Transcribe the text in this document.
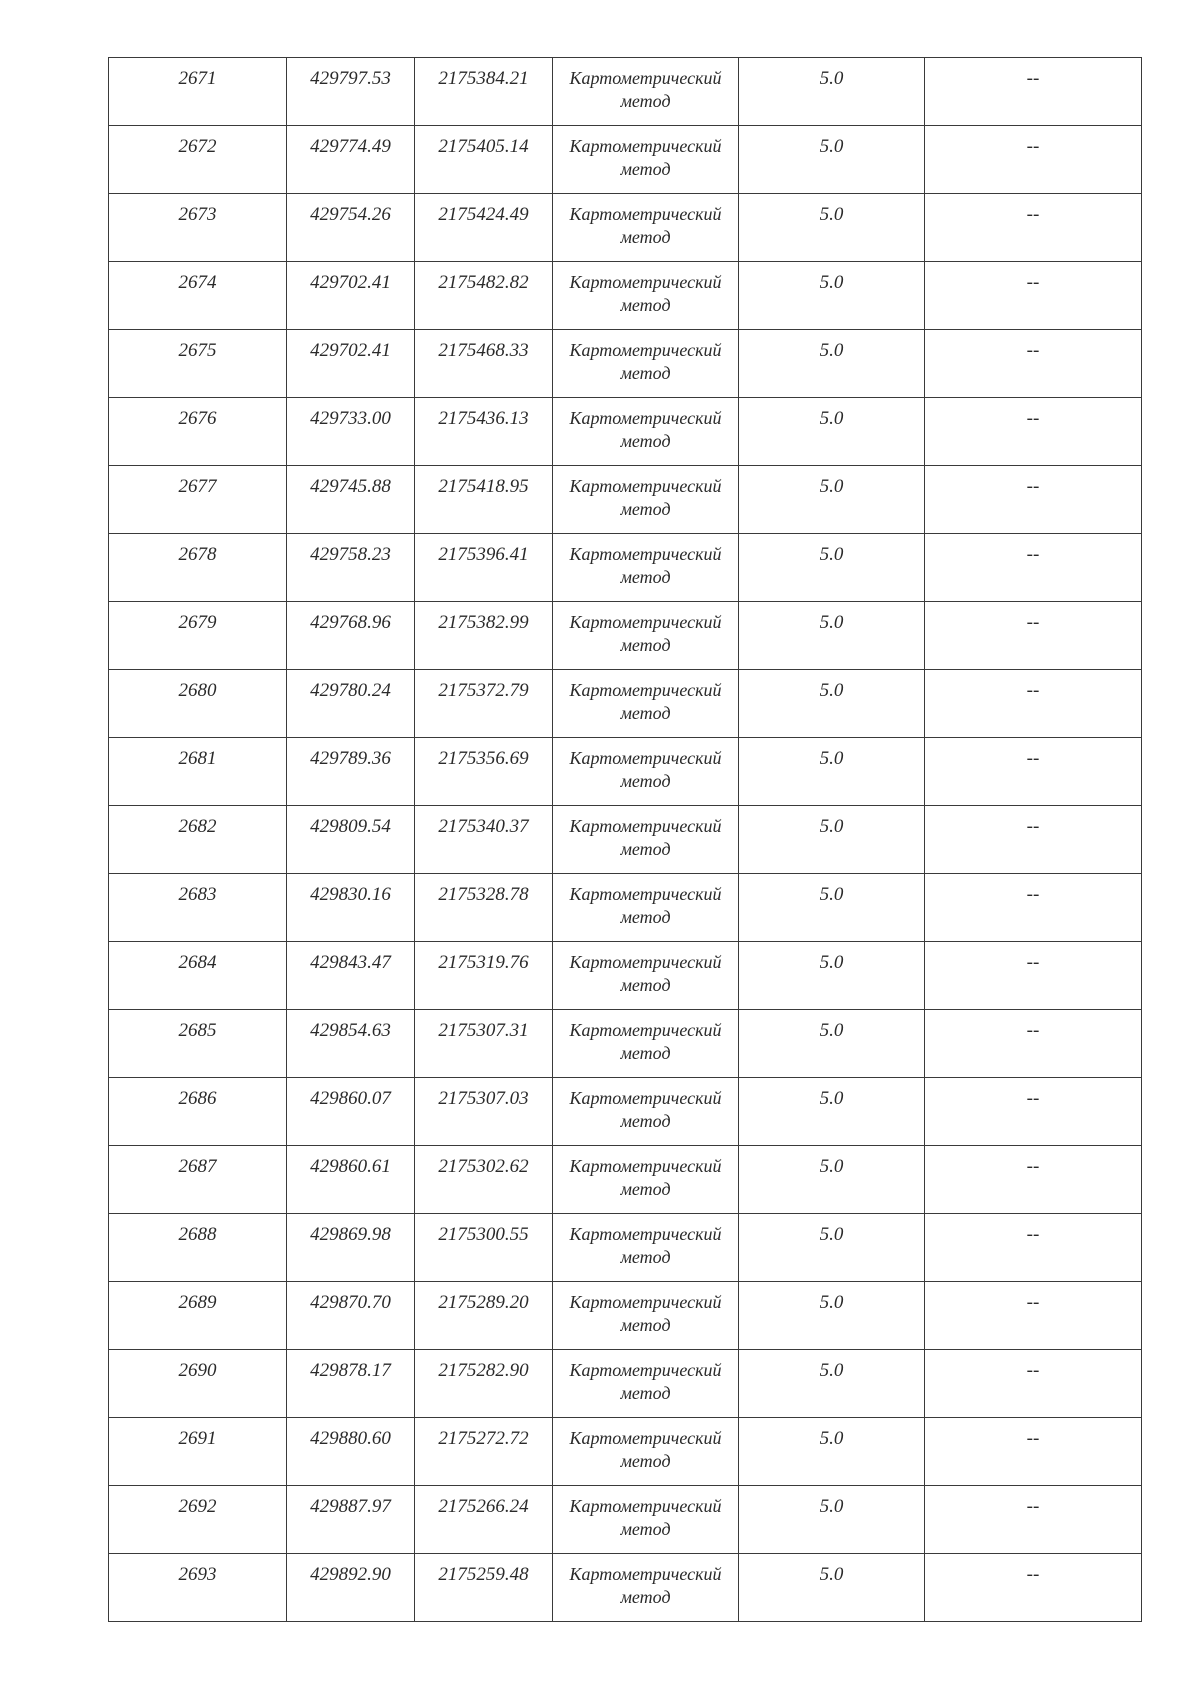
2671	429797.53	2175384.21	Картометрический метод	5.0	--

2672	429774.49	2175405.14	Картометрический метод	5.0	--

2673	429754.26	2175424.49	Картометрический метод	5.0	--

2674	429702.41	2175482.82	Картометрический метод	5.0	--

2675	429702.41	2175468.33	Картометрический метод	5.0	--

2676	429733.00	2175436.13	Картометрический метод	5.0	--

2677	429745.88	2175418.95	Картометрический метод	5.0	--

2678	429758.23	2175396.41	Картометрический метод	5.0	--

2679	429768.96	2175382.99	Картометрический метод	5.0	--

2680	429780.24	2175372.79	Картометрический метод	5.0	--

2681	429789.36	2175356.69	Картометрический метод	5.0	--

2682	429809.54	2175340.37	Картометрический метод	5.0	--

2683	429830.16	2175328.78	Картометрический метод	5.0	--

2684	429843.47	2175319.76	Картометрический метод	5.0	--

2685	429854.63	2175307.31	Картометрический метод	5.0	--

2686	429860.07	2175307.03	Картометрический метод	5.0	--

2687	429860.61	2175302.62	Картометрический метод	5.0	--

2688	429869.98	2175300.55	Картометрический метод	5.0	--

2689	429870.70	2175289.20	Картометрический метод	5.0	--

2690	429878.17	2175282.90	Картометрический метод	5.0	--

2691	429880.60	2175272.72	Картометрический метод	5.0	--

2692	429887.97	2175266.24	Картометрический метод	5.0	--

2693	429892.90	2175259.48	Картометрический метод	5.0	--
